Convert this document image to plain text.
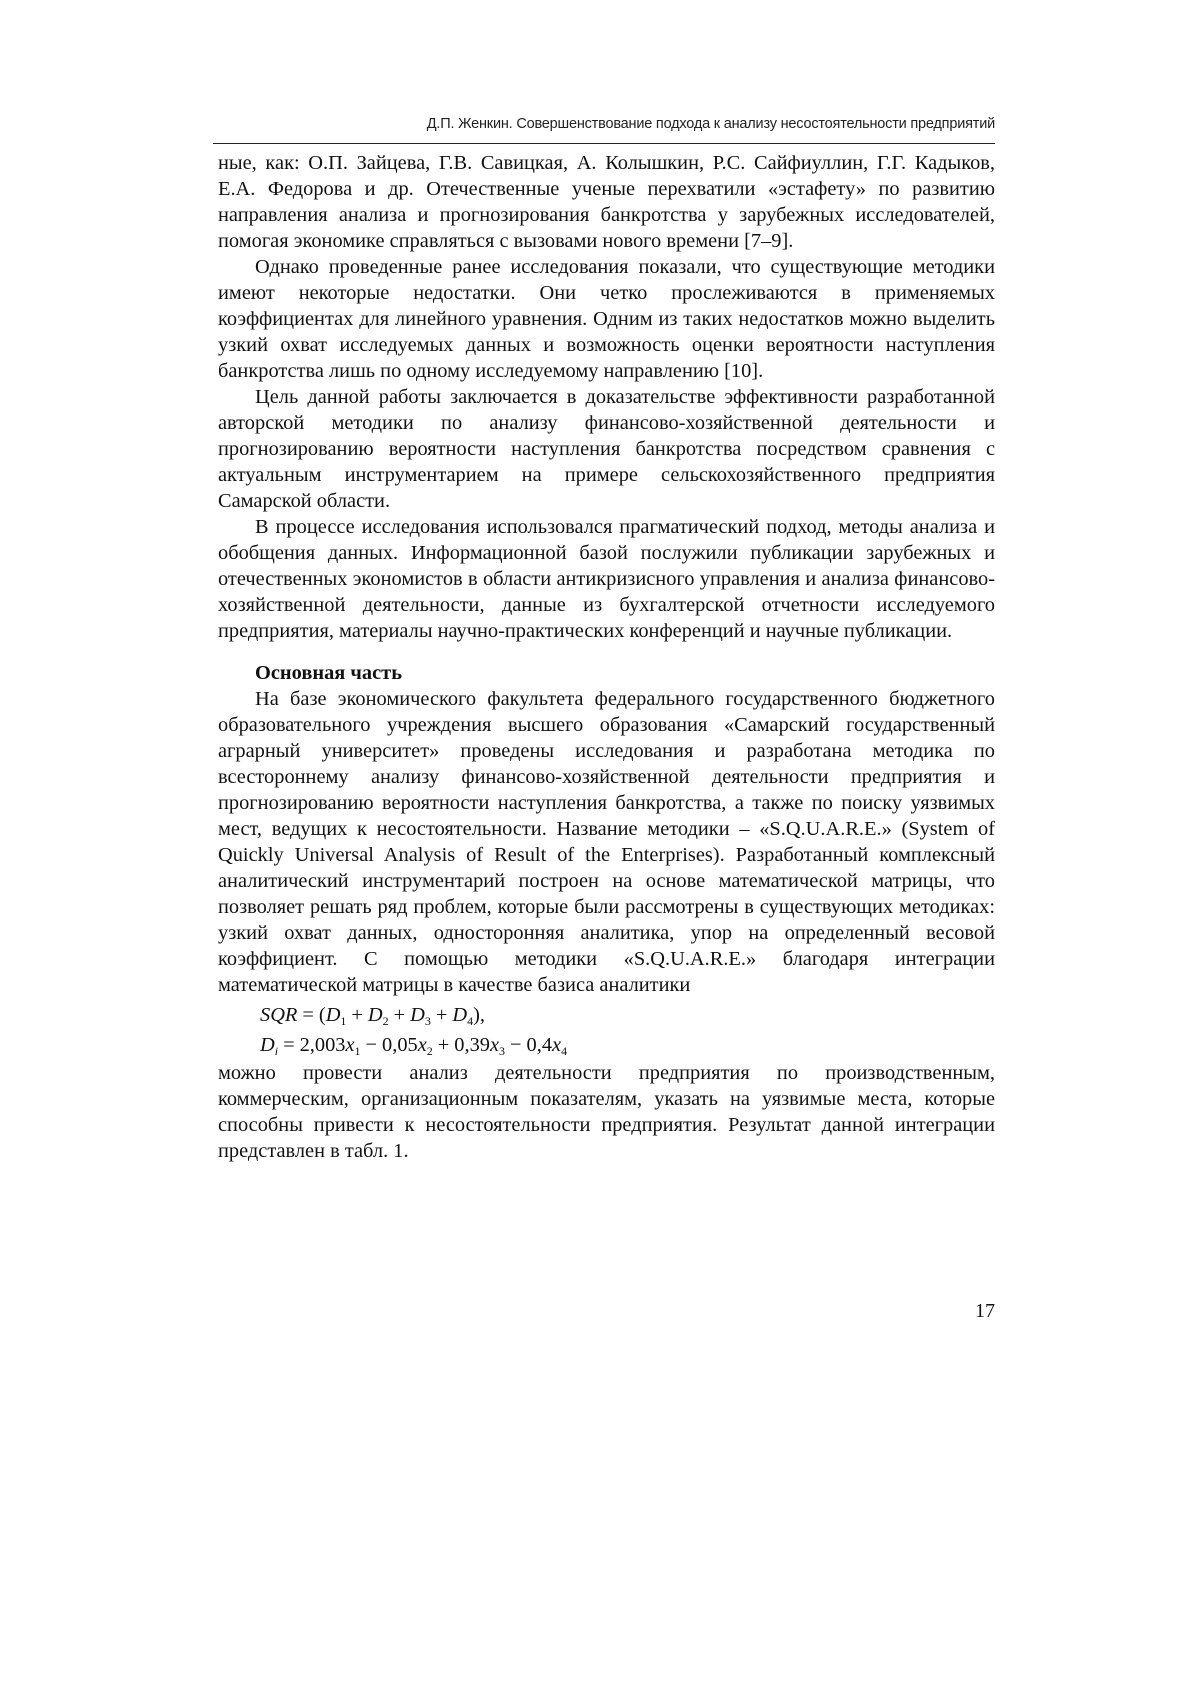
Д.П. Женкин. Совершенствование подхода к анализу несостоятельности предприятий

ные, как: О.П. Зайцева, Г.В. Савицкая, А. Колышкин, Р.С. Сайфиуллин, Г.Г. Кадыков, Е.А. Федорова и др. Отечественные ученые перехватили «эстафету» по развитию направления анализа и прогнозирования банкротства у зарубежных исследователей, помогая экономике справляться с вызовами нового времени [7–9].

Однако проведенные ранее исследования показали, что существующие методики имеют некоторые недостатки. Они четко прослеживаются в применяемых коэффициентах для линейного уравнения. Одним из таких недостатков можно выделить узкий охват исследуемых данных и возможность оценки вероятности наступления банкротства лишь по одному исследуемому направлению [10].

Цель данной работы заключается в доказательстве эффективности разработанной авторской методики по анализу финансово-хозяйственной деятельности и прогнозированию вероятности наступления банкротства посредством сравнения с актуальным инструментарием на примере сельскохозяйственного предприятия Самарской области.

В процессе исследования использовался прагматический подход, методы анализа и обобщения данных. Информационной базой послужили публикации зарубежных и отечественных экономистов в области антикризисного управления и анализа финансово-хозяйственной деятельности, данные из бухгалтерской отчетности исследуемого предприятия, материалы научно-практических конференций и научные публикации.

Основная часть

На базе экономического факультета федерального государственного бюджетного образовательного учреждения высшего образования «Самарский государственный аграрный университет» проведены исследования и разработана методика по всестороннему анализу финансово-хозяйственной деятельности предприятия и прогнозированию вероятности наступления банкротства, а также по поиску уязвимых мест, ведущих к несостоятельности. Название методики – «S.Q.U.A.R.E.» (System of Quickly Universal Analysis of Result of the Enterprises). Разработанный комплексный аналитический инструментарий построен на основе математической матрицы, что позволяет решать ряд проблем, которые были рассмотрены в существующих методиках: узкий охват данных, односторонняя аналитика, упор на определенный весовой коэффициент. С помощью методики «S.Q.U.A.R.E.» благодаря интеграции математической матрицы в качестве базиса аналитики

SQR = $(D_1 + D_2 + D_3 + D_4)$,
$D_i = 2,003x_1 - 0,05x_2 + 0,39x_3 - 0,4x_4$

можно провести анализ деятельности предприятия по производственным, коммерческим, организационным показателям, указать на уязвимые места, которые способны привести к несостоятельности предприятия. Результат данной интеграции представлен в табл. 1.

17
